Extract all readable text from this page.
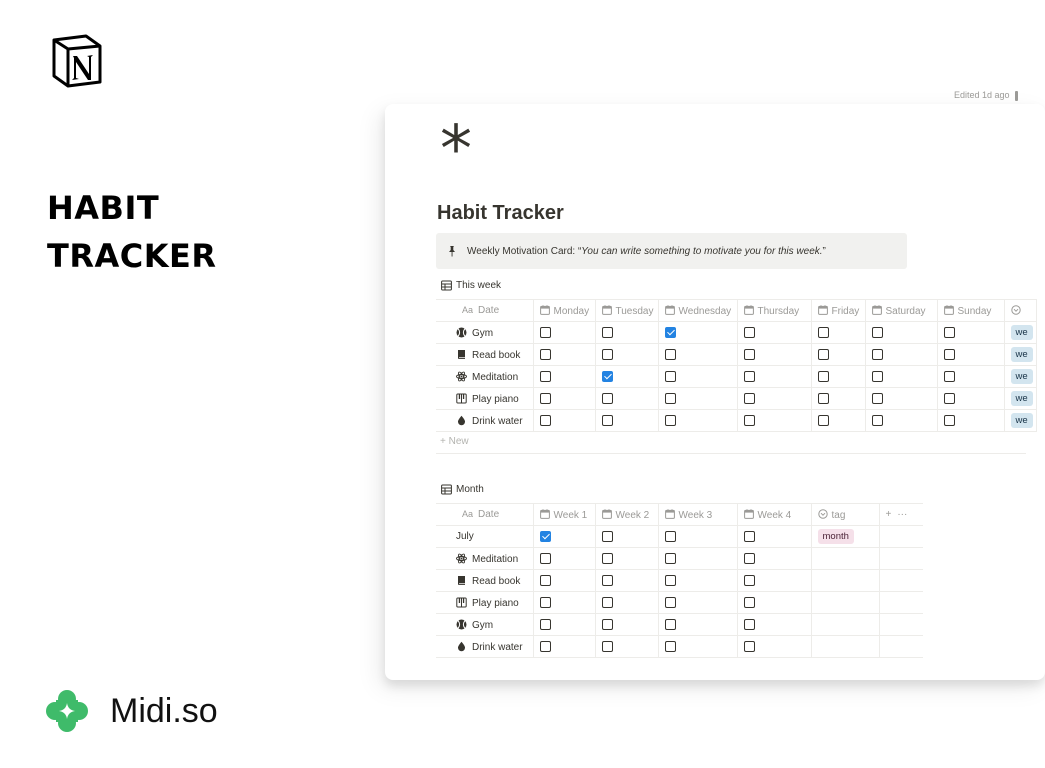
HABIT
TRACKER
Midi.so
Edited 1d ago
*
Habit Tracker
Weekly Motivation Card: “ You can write something to motivate you for this week. ”
This week
Aa Date	Monday	Tuesday	Wednesday	Thursday	Friday	Saturday	Sunday	
Gym								we
Read book								we
Meditation								we
Play piano								we
Drink water								we
+ New
Month
Aa Date	Week 1	Week 2	Week 3	Week 4	tag	+···
July					month	
Meditation						
Read book						
Play piano						
Gym						
Drink water						
